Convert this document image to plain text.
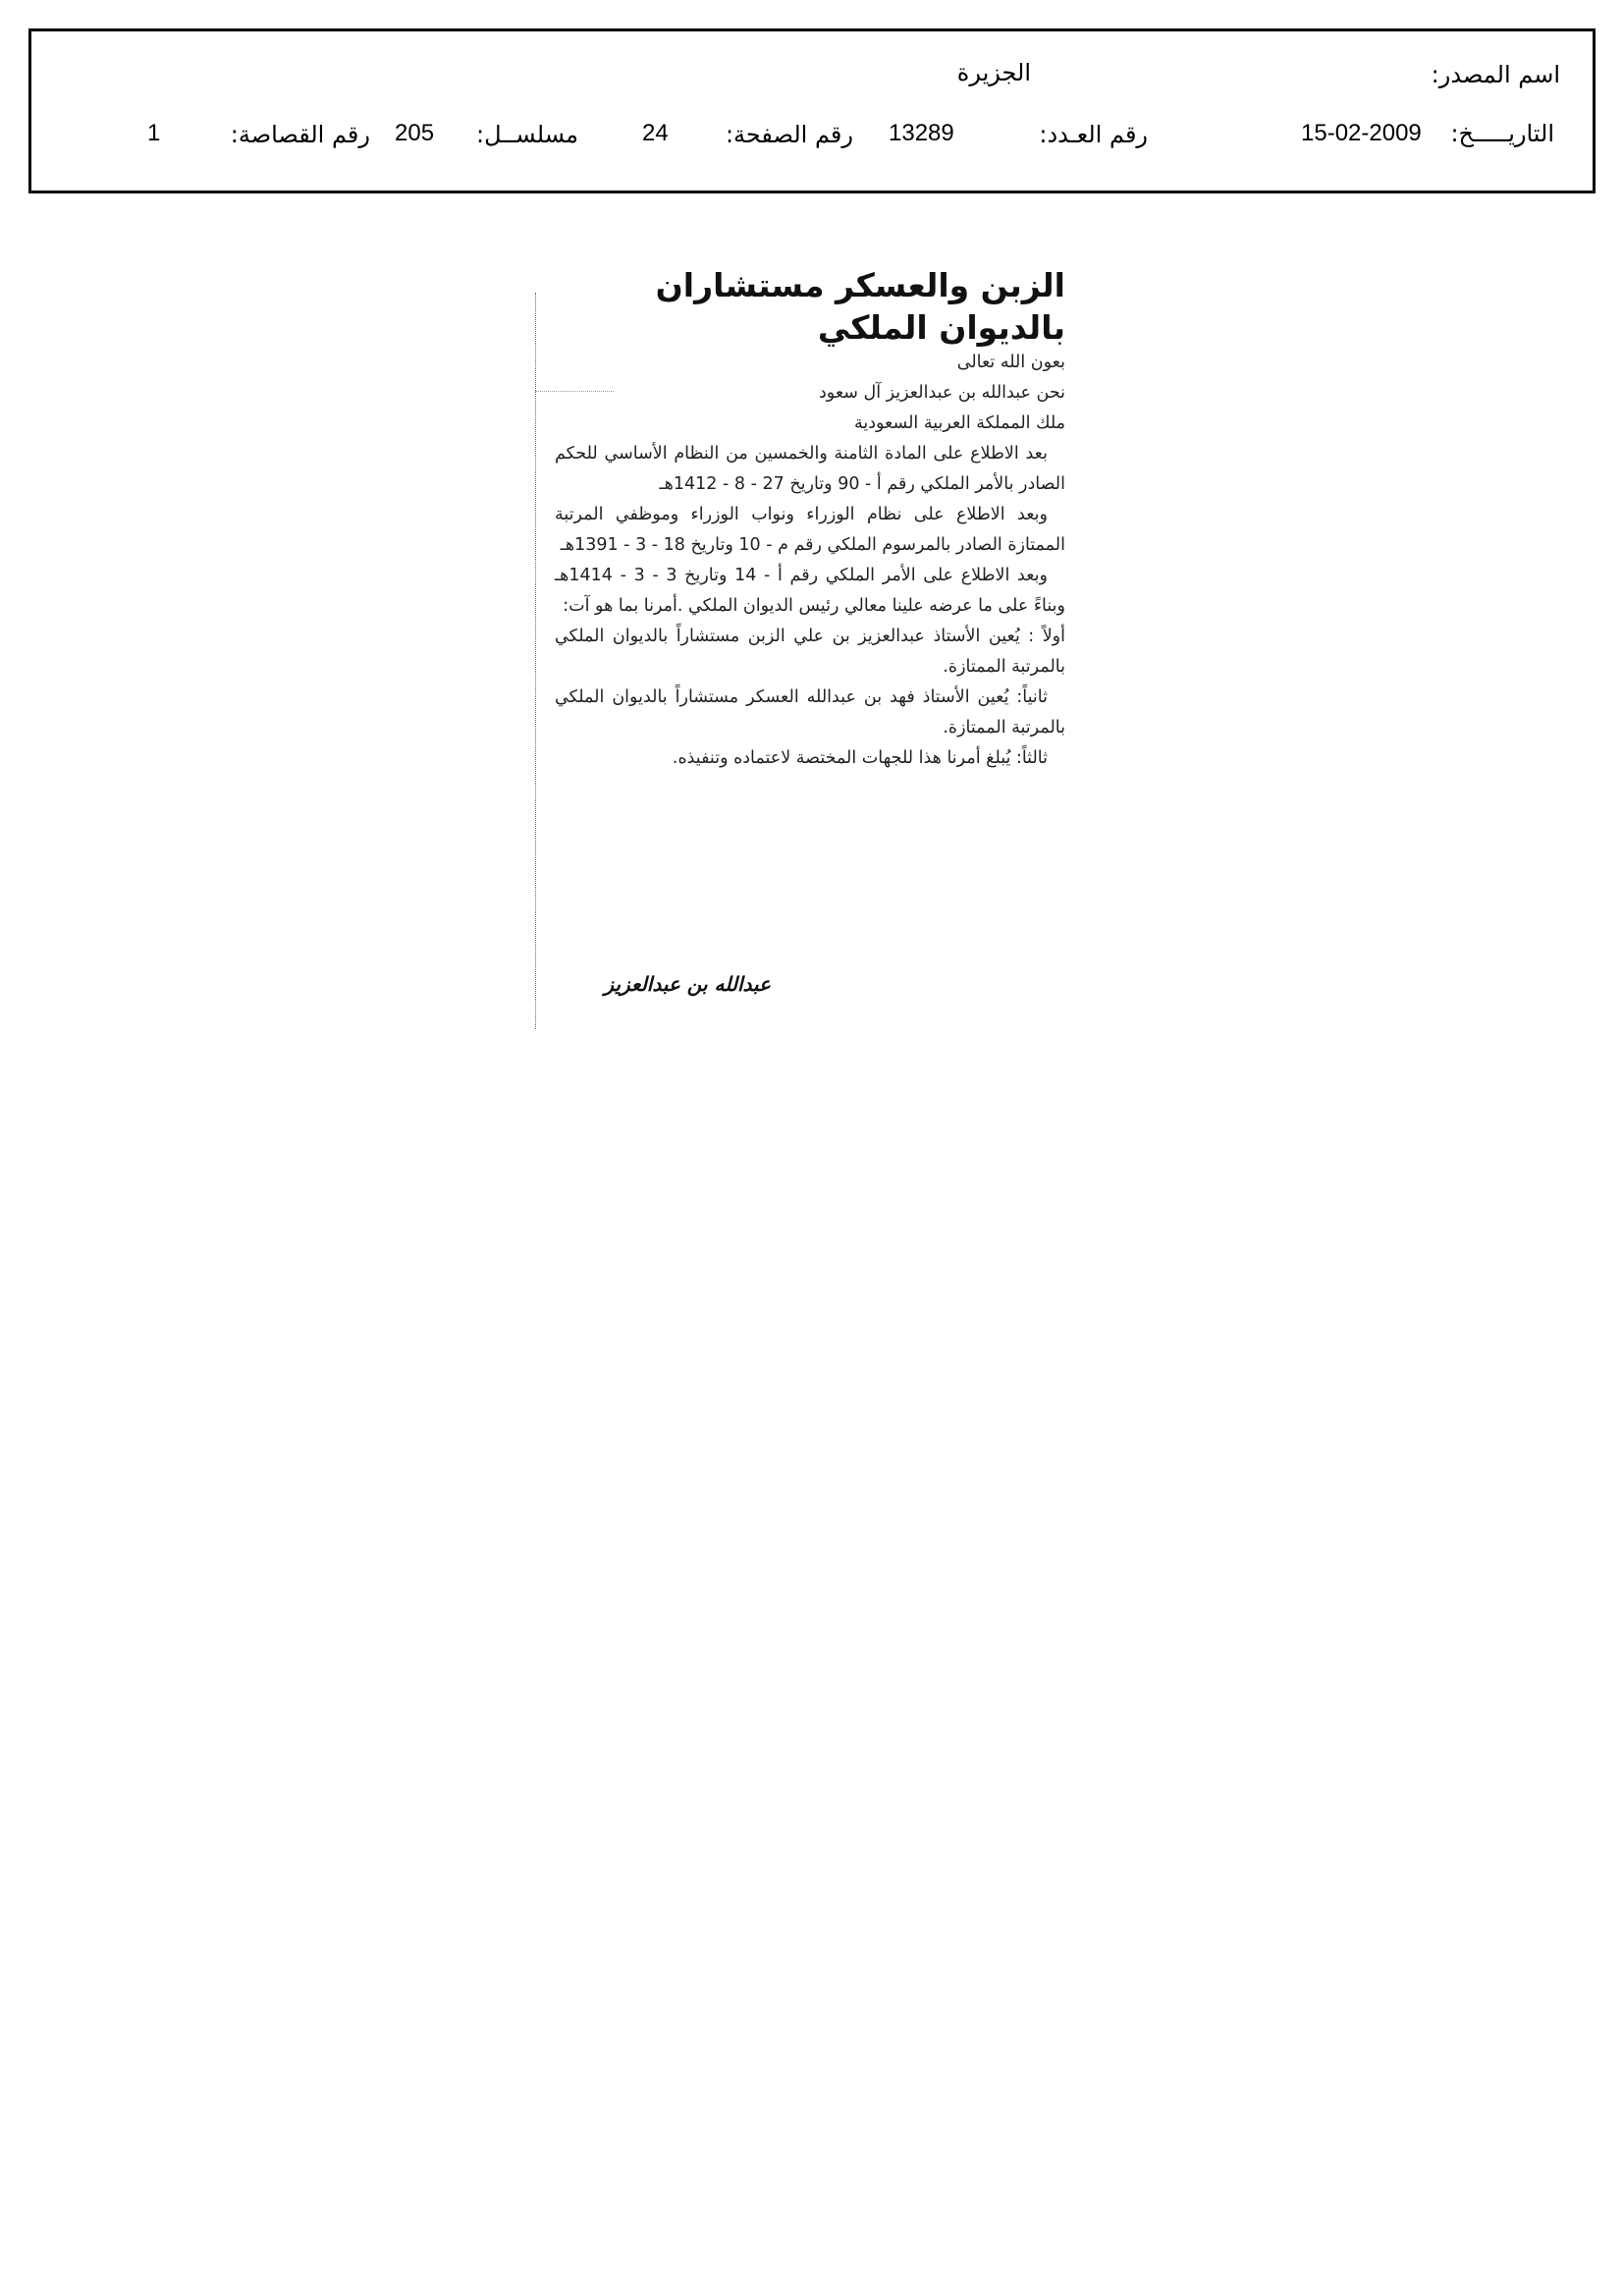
اسم المصدر:
الجزيرة
التاريـــــخ:
15-02-2009
رقم العـدد:
13289
رقم الصفحة:
24
مسلســل:
205
رقم القصاصة:
1
الزبن والعسكر مستشاران بالديوان الملكي

بعون الله تعالى

نحن عبدالله بن عبدالعزيز آل سعود

ملك المملكة العربية السعودية

بعد الاطلاع على المادة الثامنة والخمسين من النظام الأساسي للحكم الصادر بالأمر الملكي رقم أ - 90 وتاريخ 27 - 8 - 1412هـ

وبعد الاطلاع على نظام الوزراء ونواب الوزراء وموظفي المرتبة الممتازة الصادر بالمرسوم الملكي رقم م - 10 وتاريخ 18 - 3 - 1391هـ

وبعد الاطلاع على الأمر الملكي رقم أ - 14 وتاريخ 3 - 3 - 1414هـ وبناءً على ما عرضه علينا معالي رئيس الديوان الملكي .أمرنا بما هو آت:

أولاً : يُعين الأستاذ عبدالعزيز بن علي الزبن مستشاراً بالديوان الملكي بالمرتبة الممتازة.

ثانياً: يُعين الأستاذ فهد بن عبدالله العسكر مستشاراً بالديوان الملكي بالمرتبة الممتازة.

ثالثاً: يُبلغ أمرنا هذا للجهات المختصة لاعتماده وتنفيذه.

عبدالله بن عبدالعزيز
